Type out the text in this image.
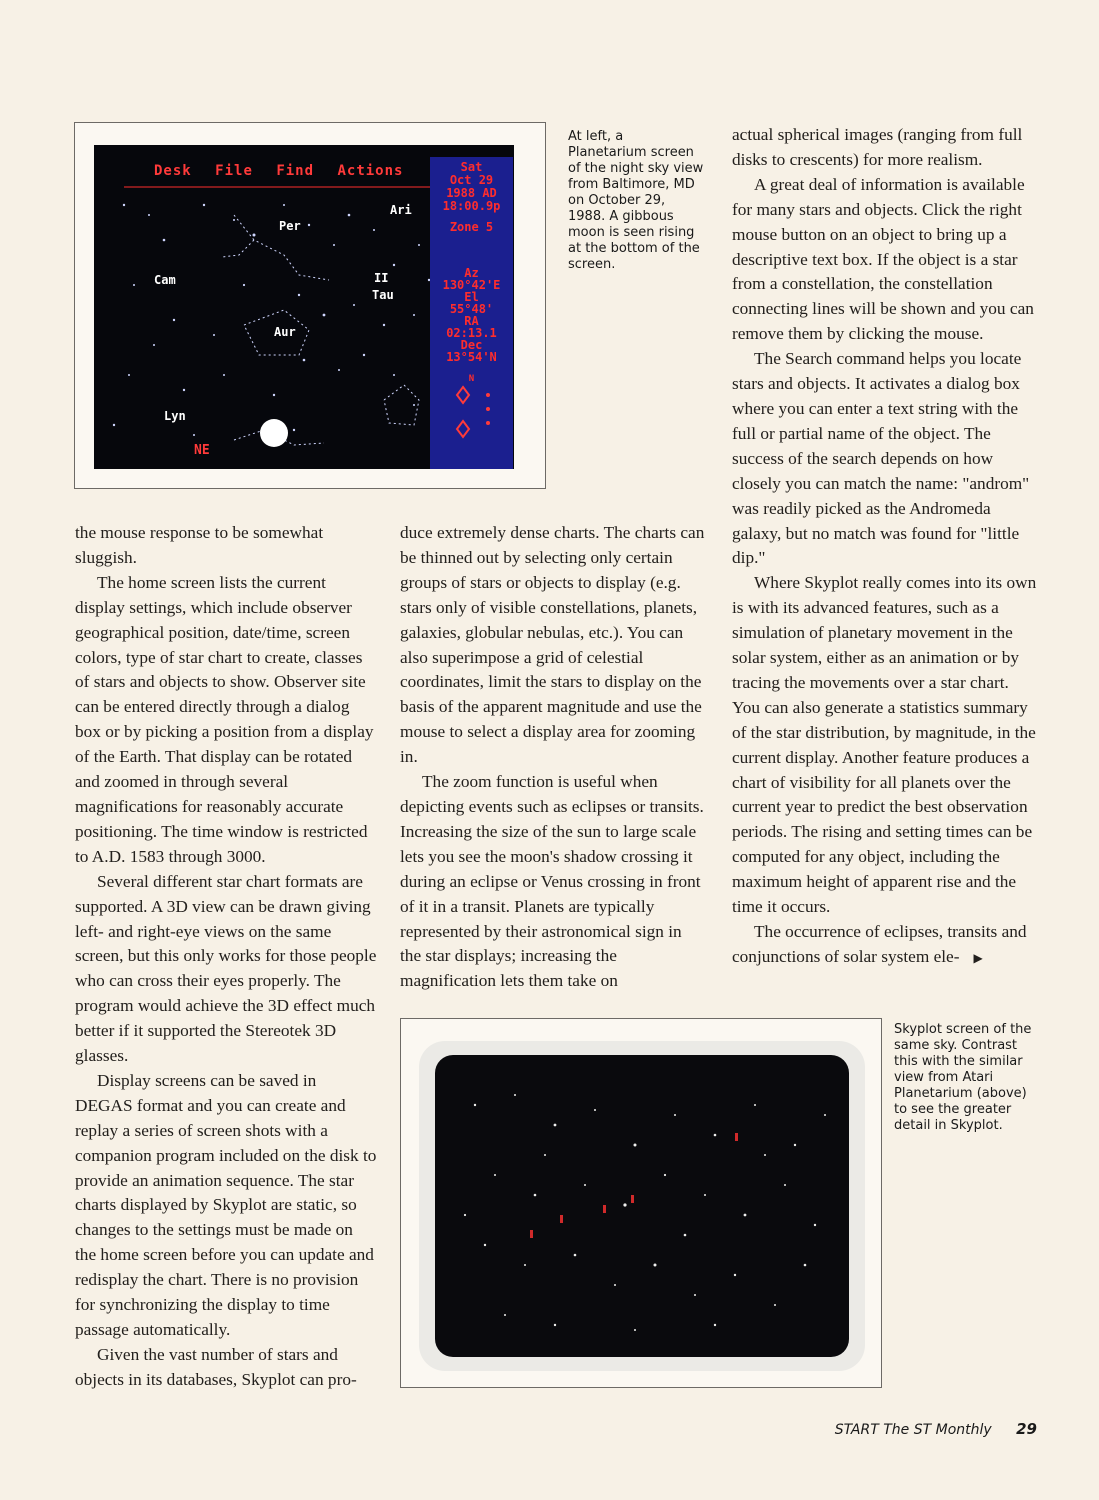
Desk File Find Actions
Per
Cam
Aur
Ari
II
Tau
Lyn
NE
Sat
Oct 29
1988 AD
18:00.9p
Zone 5
Az
130°42'E
El
55°48'
RA
02:13.1
Dec
13°54'N
N

At left, a Planetarium screen of the night sky view from Baltimore, MD on October 29, 1988. A gibbous moon is seen rising at the bottom of the screen.

Skyplot screen of the same sky. Contrast this with the similar view from Atari Planetarium (above) to see the greater detail in Skyplot.

the mouse response to be somewhat sluggish.

The home screen lists the current display settings, which include observer geographical position, date/time, screen colors, type of star chart to create, classes of stars and objects to show. Observer site can be entered directly through a dialog box or by picking a position from a display of the Earth. That display can be rotated and zoomed in through several magnifications for reasonably accurate positioning. The time window is restricted to A.D. 1583 through 3000.

Several different star chart formats are supported. A 3D view can be drawn giving left- and right-eye views on the same screen, but this only works for those people who can cross their eyes properly. The program would achieve the 3D effect much better if it supported the Stereotek 3D glasses.

Display screens can be saved in DEGAS format and you can create and replay a series of screen shots with a companion program included on the disk to provide an animation sequence. The star charts displayed by Skyplot are static, so changes to the settings must be made on the home screen before you can update and redisplay the chart. There is no provision for synchronizing the display to time passage automatically.

Given the vast number of stars and objects in its databases, Skyplot can pro-

duce extremely dense charts. The charts can be thinned out by selecting only certain groups of stars or objects to display (e.g. stars only of visible constellations, planets, galaxies, globular nebulas, etc.). You can also superimpose a grid of celestial coordinates, limit the stars to display on the basis of the apparent magnitude and use the mouse to select a display area for zooming in.

The zoom function is useful when depicting events such as eclipses or transits. Increasing the size of the sun to large scale lets you see the moon's shadow crossing it during an eclipse or Venus crossing in front of it in a transit. Planets are typically represented by their astronomical sign in the star displays; increasing the magnification lets them take on

actual spherical images (ranging from full disks to crescents) for more realism.

A great deal of information is available for many stars and objects. Click the right mouse button on an object to bring up a descriptive text box. If the object is a star from a constellation, the constellation connecting lines will be shown and you can remove them by clicking the mouse.

The Search command helps you locate stars and objects. It activates a dialog box where you can enter a text string with the full or partial name of the object. The success of the search depends on how closely you can match the name: "androm" was readily picked as the Andromeda galaxy, but no match was found for "little dip."

Where Skyplot really comes into its own is with its advanced features, such as a simulation of planetary movement in the solar system, either as an animation or by tracing the movements over a star chart. You can also generate a statistics summary of the star distribution, by magnitude, in the current display. Another feature produces a chart of visibility for all planets over the current year to predict the best observation periods. The rising and setting times can be computed for any object, including the maximum height of apparent rise and the time it occurs.

The occurrence of eclipses, transits and conjunctions of solar system ele- ▶

START The ST Monthly 29
